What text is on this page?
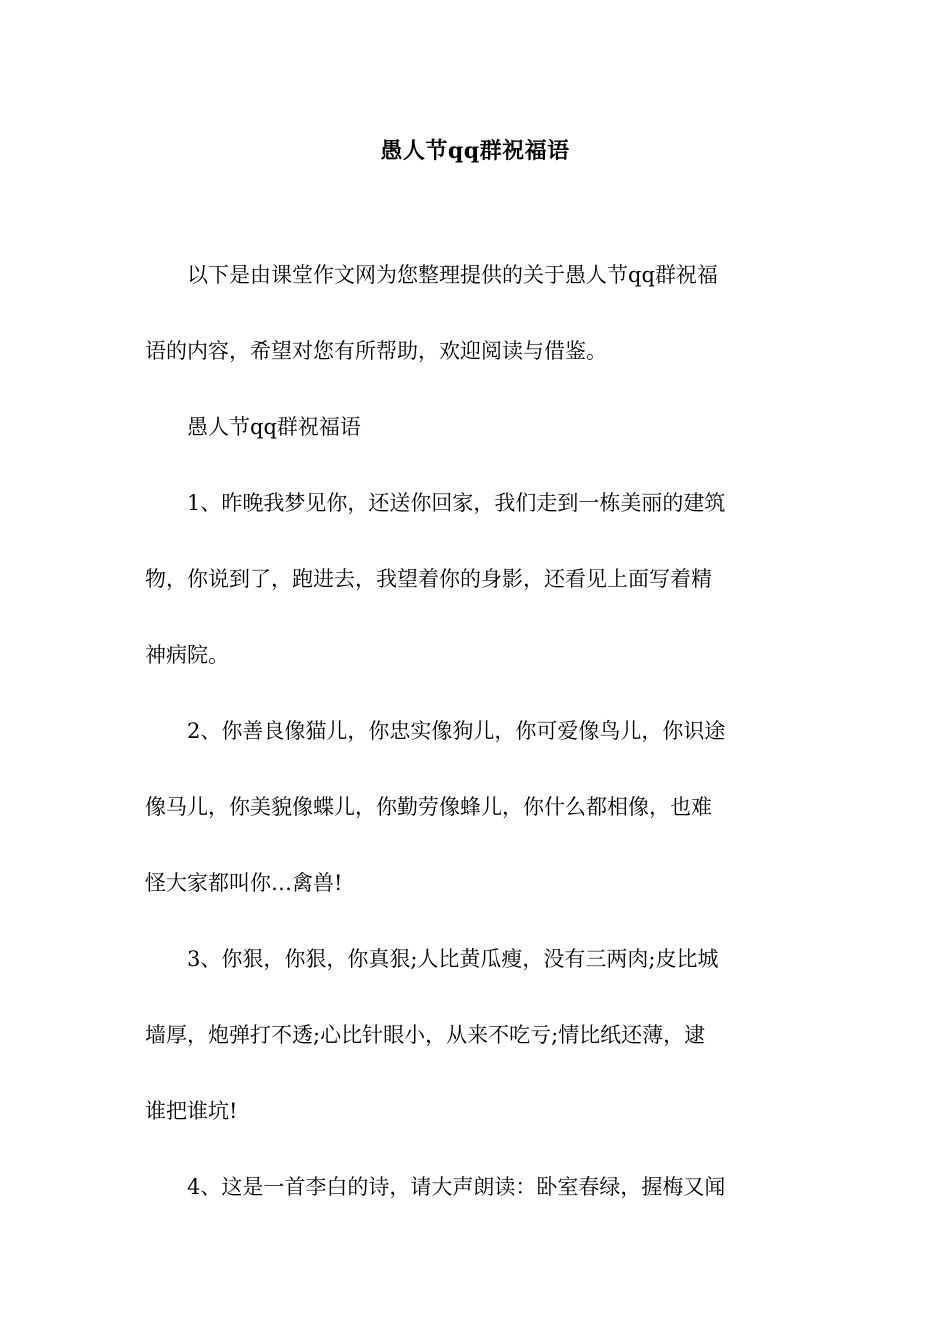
愚人节qq群祝福语
以下是由课堂作文网为您整理提供的关于愚人节qq群祝福
语的内容，希望对您有所帮助，欢迎阅读与借鉴。
愚人节qq群祝福语
1、昨晚我梦见你，还送你回家，我们走到一栋美丽的建筑
物，你说到了，跑进去，我望着你的身影，还看见上面写着精
神病院。
2、你善良像猫儿，你忠实像狗儿，你可爱像鸟儿，你识途
像马儿，你美貌像蝶儿，你勤劳像蜂儿，你什么都相像，也难
怪大家都叫你…禽兽!
3、你狠，你狠，你真狠;人比黄瓜瘦，没有三两肉;皮比城
墙厚，炮弹打不透;心比针眼小，从来不吃亏;情比纸还薄，逮
谁把谁坑!
4、这是一首李白的诗，请大声朗读：卧室春绿，握梅又闻
